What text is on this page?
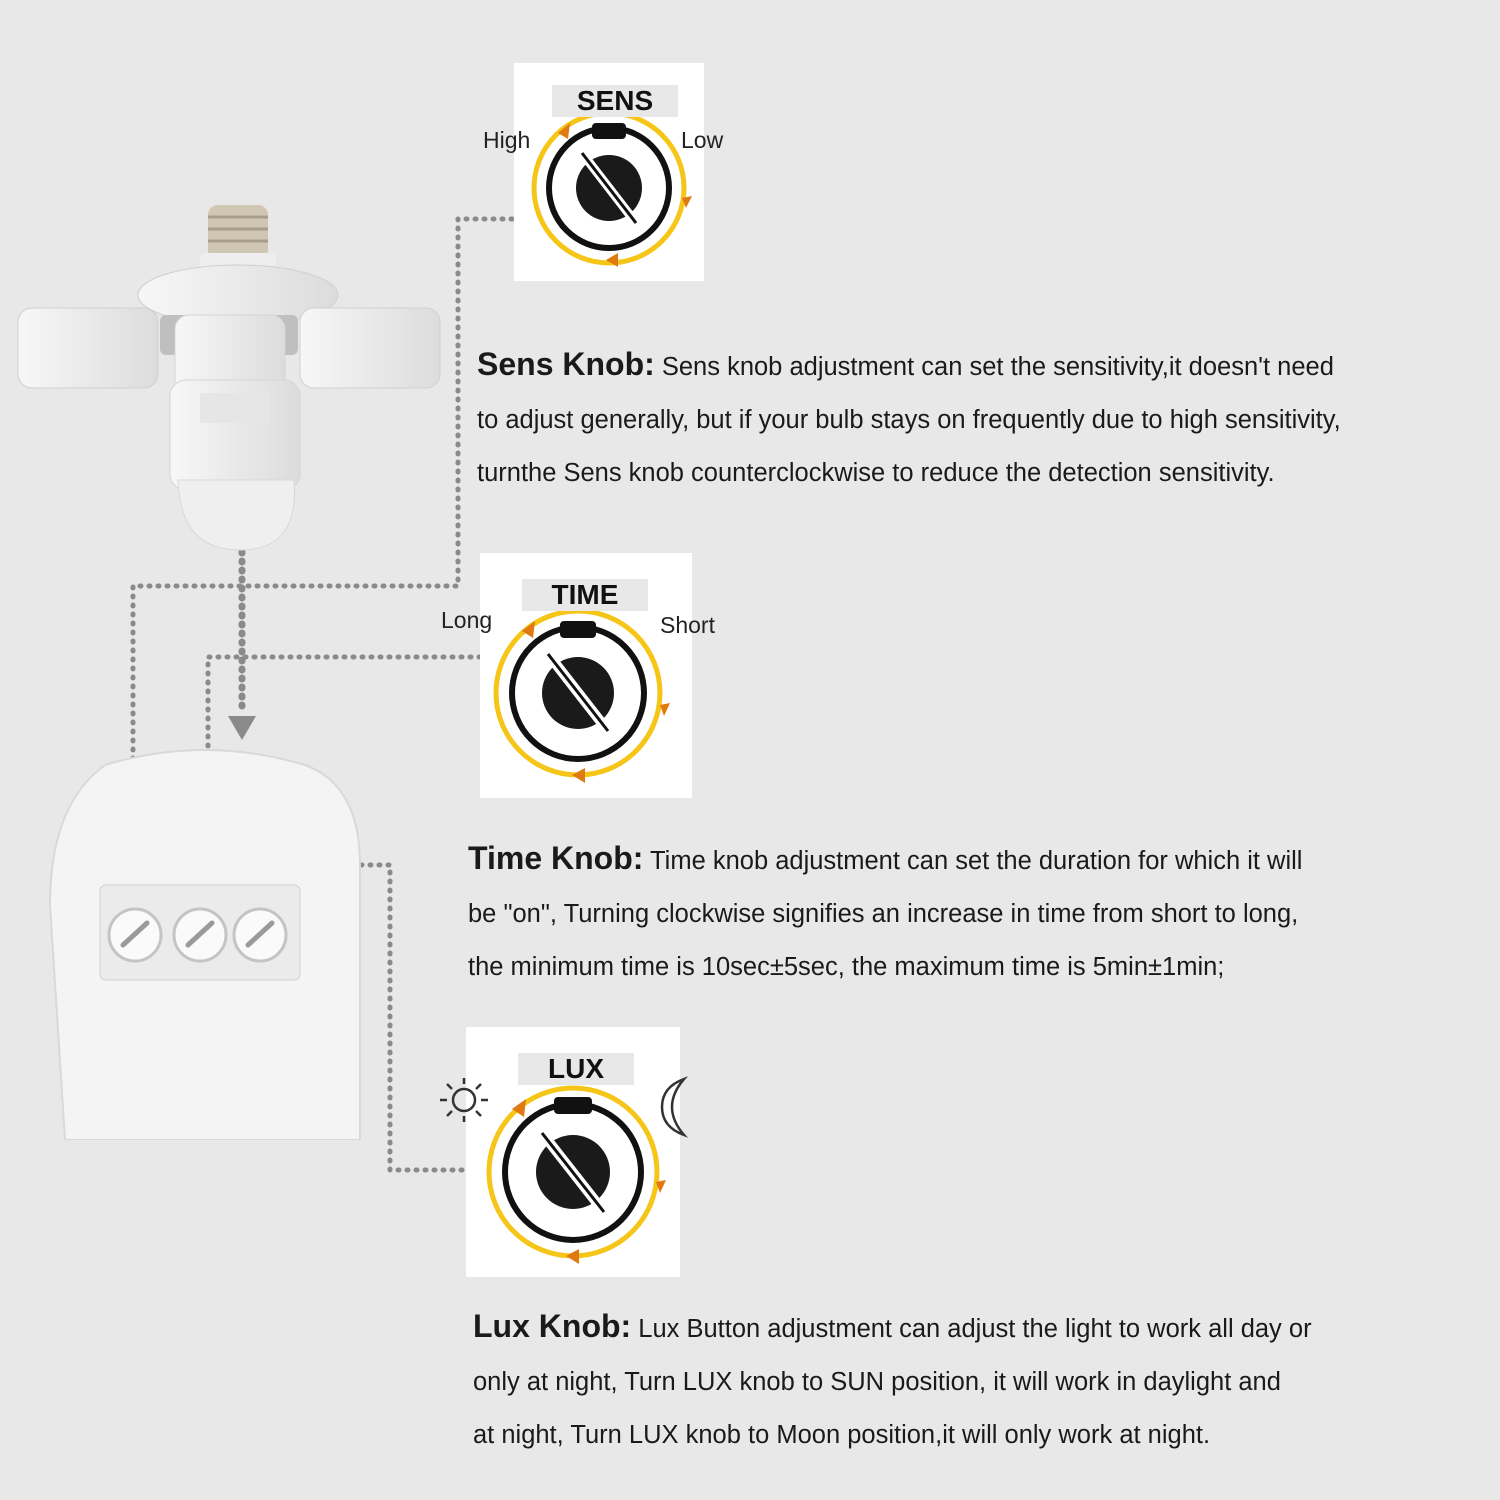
SENS
High	Low

Sens Knob: Sens knob adjustment can set the sensitivity,it doesn't need

to adjust generally, but if your bulb stays on frequently due to high sensitivity,

turnthe Sens knob counterclockwise to reduce the detection sensitivity.

TIME
Long	Short

Time Knob: Time knob adjustment can set the duration for which it will

be "on", Turning clockwise signifies an increase in time from short to long,

the minimum time is 10sec±5sec, the maximum time is 5min±1min;

LUX

Lux Knob: Lux Button adjustment can adjust the light to work all day or

only at night, Turn LUX knob to SUN position, it will work in daylight and

at night, Turn LUX knob to Moon position,it will only work at night.
